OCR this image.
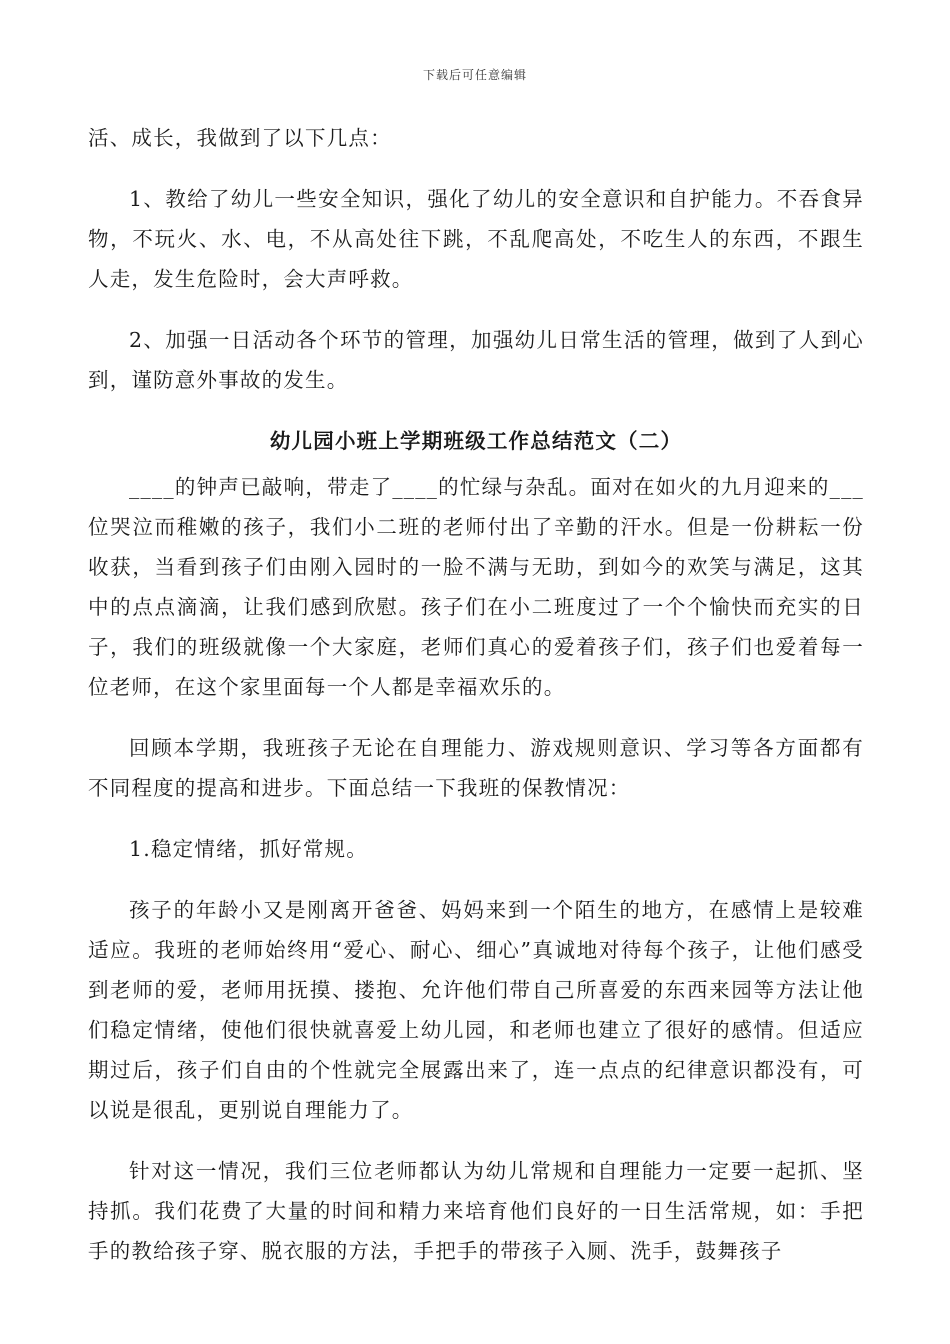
下载后可任意编辑

活、成长，我做到了以下几点：

1、教给了幼儿一些安全知识，强化了幼儿的安全意识和自护能力。不吞食异物，不玩火、水、电，不从高处往下跳，不乱爬高处，不吃生人的东西，不跟生人走，发生危险时，会大声呼救。

2、加强一日活动各个环节的管理，加强幼儿日常生活的管理，做到了人到心到，谨防意外事故的发生。

幼儿园小班上学期班级工作总结范文（二）

____的钟声已敲响，带走了____的忙绿与杂乱。面对在如火的九月迎来的___位哭泣而稚嫩的孩子，我们小二班的老师付出了辛勤的汗水。但是一份耕耘一份收获，当看到孩子们由刚入园时的一脸不满与无助，到如今的欢笑与满足，这其中的点点滴滴，让我们感到欣慰。孩子们在小二班度过了一个个愉快而充实的日子，我们的班级就像一个大家庭，老师们真心的爱着孩子们，孩子们也爱着每一位老师，在这个家里面每一个人都是幸福欢乐的。

回顾本学期，我班孩子无论在自理能力、游戏规则意识、学习等各方面都有不同程度的提高和进步。下面总结一下我班的保教情况：

1.稳定情绪，抓好常规。

孩子的年龄小又是刚离开爸爸、妈妈来到一个陌生的地方，在感情上是较难适应。我班的老师始终用“爱心、耐心、细心”真诚地对待每个孩子，让他们感受到老师的爱，老师用抚摸、搂抱、允许他们带自己所喜爱的东西来园等方法让他们稳定情绪，使他们很快就喜爱上幼儿园，和老师也建立了很好的感情。但适应期过后，孩子们自由的个性就完全展露出来了，连一点点的纪律意识都没有，可以说是很乱，更别说自理能力了。

针对这一情况，我们三位老师都认为幼儿常规和自理能力一定要一起抓、坚持抓。我们花费了大量的时间和精力来培育他们良好的一日生活常规，如：手把手的教给孩子穿、脱衣服的方法，手把手的带孩子入厕、洗手，鼓舞孩子
